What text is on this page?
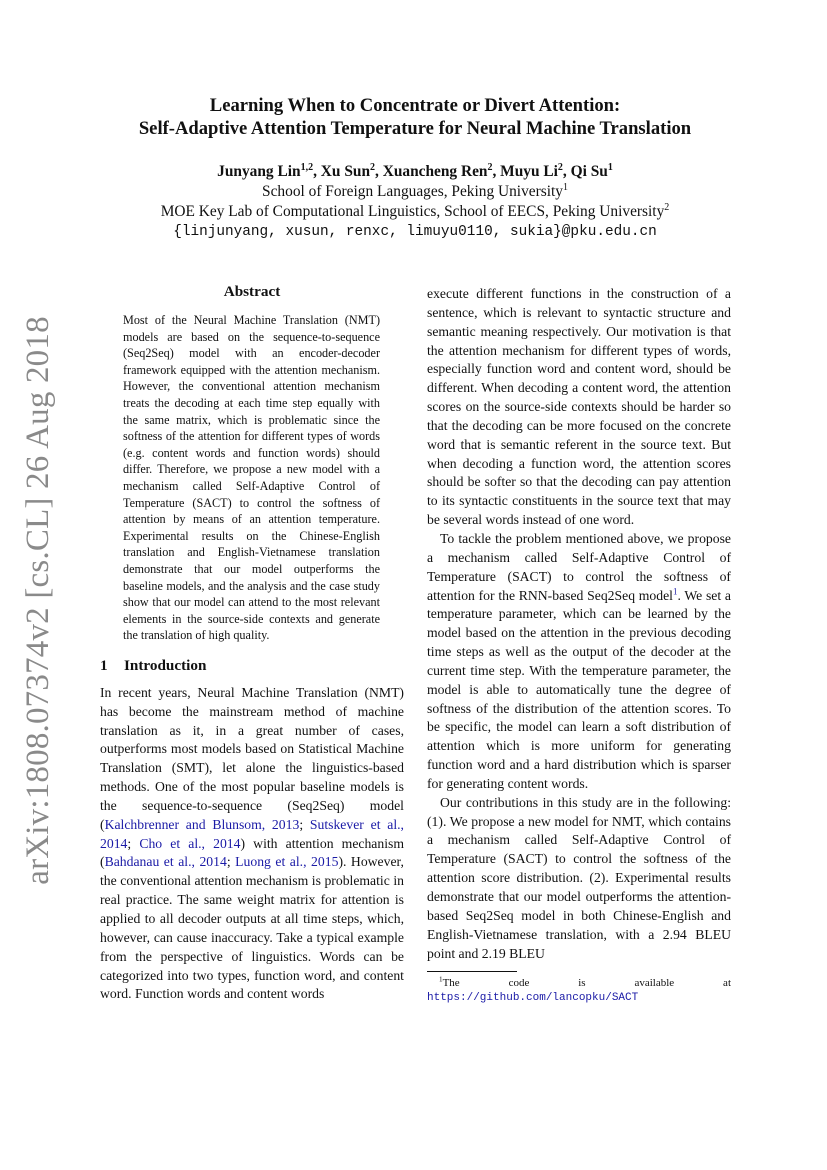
arXiv:1808.07374v2 [cs.CL] 26 Aug 2018
Learning When to Concentrate or Divert Attention:
Self-Adaptive Attention Temperature for Neural Machine Translation
Junyang Lin$^{1,2}$, Xu Sun$^2$, Xuancheng Ren$^2$, Muyu Li$^2$, Qi Su$^1$
School of Foreign Languages, Peking University$^1$
MOE Key Lab of Computational Linguistics, School of EECS, Peking University$^2$
{linjunyang, xusun, renxc, limuyu0110, sukia}@pku.edu.cn
Abstract

Most of the Neural Machine Translation (NMT) models are based on the sequence-to-sequence (Seq2Seq) model with an encoder-decoder framework equipped with the attention mechanism. However, the conventional attention mechanism treats the decoding at each time step equally with the same matrix, which is problematic since the softness of the attention for different types of words (e.g. content words and function words) should differ. Therefore, we propose a new model with a mechanism called Self-Adaptive Control of Temperature (SACT) to control the softness of attention by means of an attention temperature. Experimental results on the Chinese-English translation and English-Vietnamese translation demonstrate that our model outperforms the baseline models, and the analysis and the case study show that our model can attend to the most relevant elements in the source-side contexts and generate the translation of high quality.

1 Introduction

In recent years, Neural Machine Translation (NMT) has become the mainstream method of machine translation as it, in a great number of cases, outperforms most models based on Statistical Machine Translation (SMT), let alone the linguistics-based methods. One of the most popular baseline models is the sequence-to-sequence (Seq2Seq) model (Kalchbrenner and Blunsom, 2013; Sutskever et al., 2014; Cho et al., 2014) with attention mechanism (Bahdanau et al., 2014; Luong et al., 2015). However, the conventional attention mechanism is problematic in real practice. The same weight matrix for attention is applied to all decoder outputs at all time steps, which, however, can cause inaccuracy. Take a typical example from the perspective of linguistics. Words can be categorized into two types, function word, and content word. Function words and content words

execute different functions in the construction of a sentence, which is relevant to syntactic structure and semantic meaning respectively. Our motivation is that the attention mechanism for different types of words, especially function word and content word, should be different. When decoding a content word, the attention scores on the source-side contexts should be harder so that the decoding can be more focused on the concrete word that is semantic referent in the source text. But when decoding a function word, the attention scores should be softer so that the decoding can pay attention to its syntactic constituents in the source text that may be several words instead of one word.

To tackle the problem mentioned above, we propose a mechanism called Self-Adaptive Control of Temperature (SACT) to control the softness of attention for the RNN-based Seq2Seq model$^1$. We set a temperature parameter, which can be learned by the model based on the attention in the previous decoding time steps as well as the output of the decoder at the current time step. With the temperature parameter, the model is able to automatically tune the degree of softness of the distribution of the attention scores. To be specific, the model can learn a soft distribution of attention which is more uniform for generating function word and a hard distribution which is sparser for generating content words.

Our contributions in this study are in the following: (1). We propose a new model for NMT, which contains a mechanism called Self-Adaptive Control of Temperature (SACT) to control the softness of the attention score distribution. (2). Experimental results demonstrate that our model outperforms the attention-based Seq2Seq model in both Chinese-English and English-Vietnamese translation, with a 2.94 BLEU point and 2.19 BLEU

$^1$The code is available at https://github.com/lancopku/SACT
